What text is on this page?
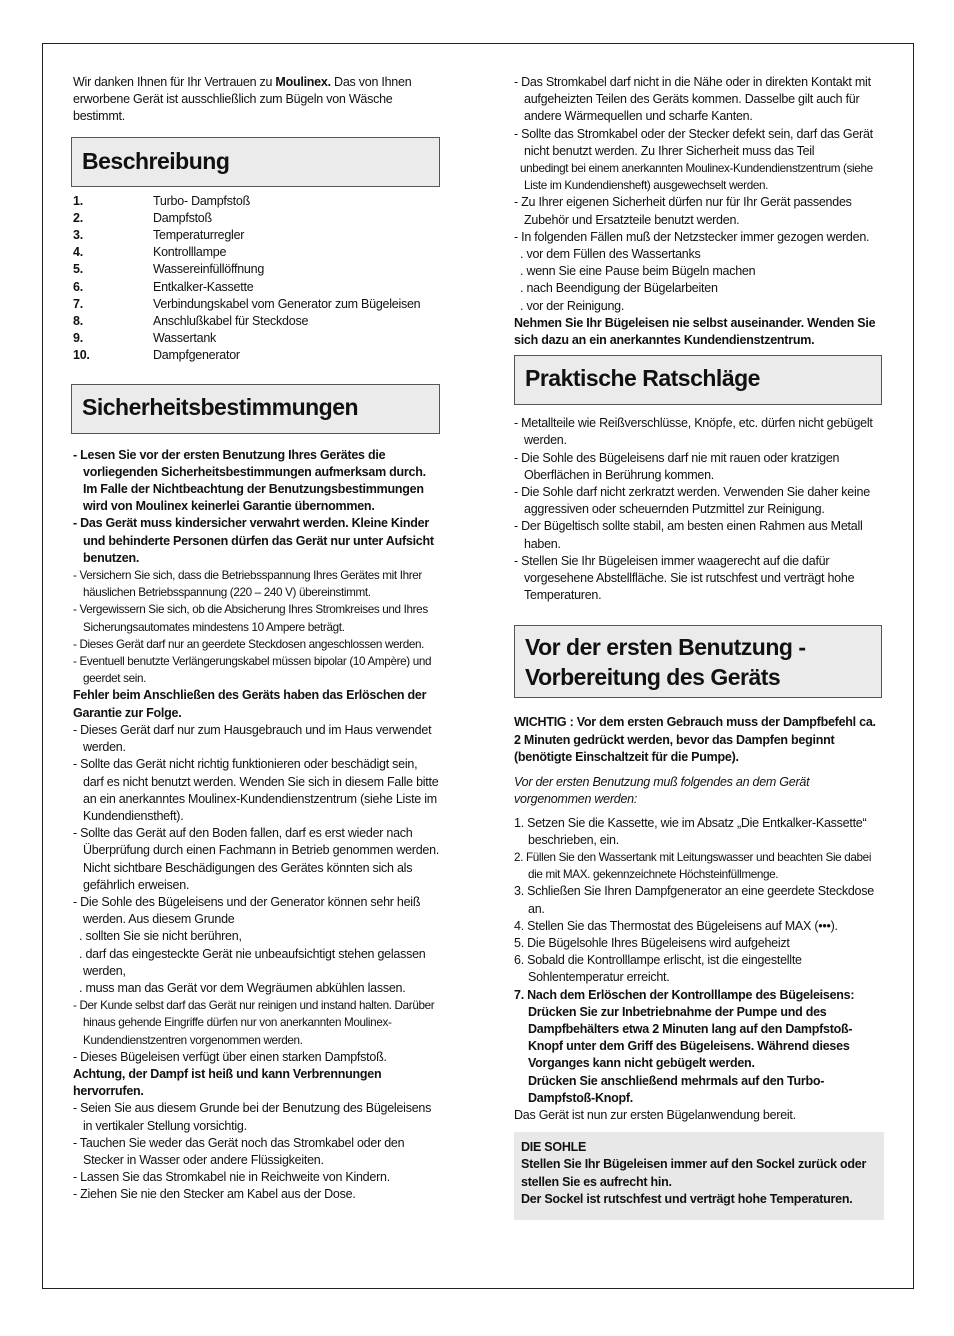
Wir danken Ihnen für Ihr Vertrauen zu Moulinex. Das von Ihnen erworbene Gerät ist ausschließlich zum Bügeln von Wäsche bestimmt.

Beschreibung
1.	Turbo- Dampfstoß
2.	Dampfstoß
3.	Temperaturregler
4.	Kontrolllampe
5.	Wassereinfüllöffnung
6.	Entkalker-Kassette
7.	Verbindungskabel vom Generator zum Bügeleisen
8.	Anschlußkabel für Steckdose
9.	Wassertank
10.	Dampfgenerator
Sicherheitsbestimmungen
- Lesen Sie vor der ersten Benutzung Ihres Gerätes die vorliegenden Sicherheitsbestimmungen aufmerksam durch. Im Falle der Nichtbeachtung der Benutzungsbestimmungen wird von Moulinex keinerlei Garantie übernommen.
- Das Gerät muss kindersicher verwahrt werden. Kleine Kinder und behinderte Personen dürfen das Gerät nur unter Aufsicht benutzen.
- Versichern Sie sich, dass die Betriebsspannung Ihres Gerätes mit Ihrer häuslichen Betriebsspannung (220 – 240 V) übereinstimmt.
- Vergewissern Sie sich, ob die Absicherung Ihres Stromkreises und Ihres Sicherungsautomates mindestens 10 Ampere beträgt.
- Dieses Gerät darf nur an geerdete Steckdosen angeschlossen werden.
- Eventuell benutzte Verlängerungskabel müssen bipolar (10 Ampère) und geerdet sein.
Fehler beim Anschließen des Geräts haben das Erlöschen der Garantie zur Folge.
- Dieses Gerät darf nur zum Hausgebrauch und im Haus verwendet werden.
- Sollte das Gerät nicht richtig funktionieren oder beschädigt sein, darf es nicht benutzt werden. Wenden Sie sich in diesem Falle bitte an ein anerkanntes Moulinex-Kundendienstzentrum (siehe Liste im Kundendienstheft).
- Sollte das Gerät auf den Boden fallen, darf es erst wieder nach Überprüfung durch einen Fachmann in Betrieb genommen werden. Nicht sichtbare Beschädigungen des Gerätes könnten sich als gefährlich erweisen.
- Die Sohle des Bügeleisens und der Generator können sehr heiß werden. Aus diesem Grunde
. sollten Sie sie nicht berühren,
. darf das eingesteckte Gerät nie unbeaufsichtigt stehen gelassen werden,
. muss man das Gerät vor dem Wegräumen abkühlen lassen.
- Der Kunde selbst darf das Gerät nur reinigen und instand halten. Darüber hinaus gehende Eingriffe dürfen nur von anerkannten Moulinex-Kundendienstzentren vorgenommen werden.
- Dieses Bügeleisen verfügt über einen starken Dampfstoß.
Achtung, der Dampf ist heiß und kann Verbrennungen hervorrufen.
- Seien Sie aus diesem Grunde bei der Benutzung des Bügeleisens in vertikaler Stellung vorsichtig.
- Tauchen Sie weder das Gerät noch das Stromkabel oder den Stecker in Wasser oder andere Flüssigkeiten.
- Lassen Sie das Stromkabel nie in Reichweite von Kindern.
- Ziehen Sie nie den Stecker am Kabel aus der Dose.
- Das Stromkabel darf nicht in die Nähe oder in direkten Kontakt mit aufgeheizten Teilen des Geräts kommen. Dasselbe gilt auch für andere Wärmequellen und scharfe Kanten.
- Sollte das Stromkabel oder der Stecker defekt sein, darf das Gerät nicht benutzt werden. Zu Ihrer Sicherheit muss das Teil
unbedingt bei einem anerkannten Moulinex-Kundendienstzentrum (siehe Liste im Kundendiensheft) ausgewechselt werden.
- Zu Ihrer eigenen Sicherheit dürfen nur für Ihr Gerät passendes Zubehör und Ersatzteile benutzt werden.
- In folgenden Fällen muß der Netzstecker immer gezogen werden.
. vor dem Füllen des Wassertanks
. wenn Sie eine Pause beim Bügeln machen
. nach Beendigung der Bügelarbeiten
. vor der Reinigung.
Nehmen Sie Ihr Bügeleisen nie selbst auseinander. Wenden Sie sich dazu an ein anerkanntes Kundendienstzentrum.
Praktische Ratschläge
- Metallteile wie Reißverschlüsse, Knöpfe, etc. dürfen nicht gebügelt werden.
- Die Sohle des Bügeleisens darf nie mit rauen oder kratzigen Oberflächen in Berührung kommen.
- Die Sohle darf nicht zerkratzt werden. Verwenden Sie daher keine aggressiven oder scheuernden Putzmittel zur Reinigung.
- Der Bügeltisch sollte stabil, am besten einen Rahmen aus Metall haben.
- Stellen Sie Ihr Bügeleisen immer waagerecht auf die dafür vorgesehene Abstellfläche. Sie ist rutschfest und verträgt hohe Temperaturen.
Vor der ersten Benutzung -
Vorbereitung des Geräts

WICHTIG : Vor dem ersten Gebrauch muss der Dampfbefehl ca. 2 Minuten gedrückt werden, bevor das Dampfen beginnt (benötigte Einschaltzeit für die Pumpe).

Vor der ersten Benutzung muß folgendes an dem Gerät vorgenommen werden:

1. Setzen Sie die Kassette, wie im Absatz „Die Entkalker-Kassette“ beschrieben, ein.
2. Füllen Sie den Wassertank mit Leitungswasser und beachten Sie dabei die mit MAX. gekennzeichnete Höchsteinfüllmenge.
3. Schließen Sie Ihren Dampfgenerator an eine geerdete Steckdose an.
4. Stellen Sie das Thermostat des Bügeleisens auf MAX (•••).
5. Die Bügelsohle Ihres Bügeleisens wird aufgeheizt
6. Sobald die Kontrolllampe erlischt, ist die eingestellte Sohlentemperatur erreicht.
7. Nach dem Erlöschen der Kontrolllampe des Bügeleisens: Drücken Sie zur Inbetriebnahme der Pumpe und des Dampfbehälters etwa 2 Minuten lang auf den Dampfstoß-Knopf unter dem Griff des Bügeleisens. Während dieses Vorganges kann nicht gebügelt werden.
Drücken Sie anschließend mehrmals auf den Turbo-Dampfstoß-Knopf.

Das Gerät ist nun zur ersten Bügelanwendung bereit.

DIE SOHLE
Stellen Sie Ihr Bügeleisen immer auf den Sockel zurück oder stellen Sie es aufrecht hin.
Der Sockel ist rutschfest und verträgt hohe Temperaturen.
